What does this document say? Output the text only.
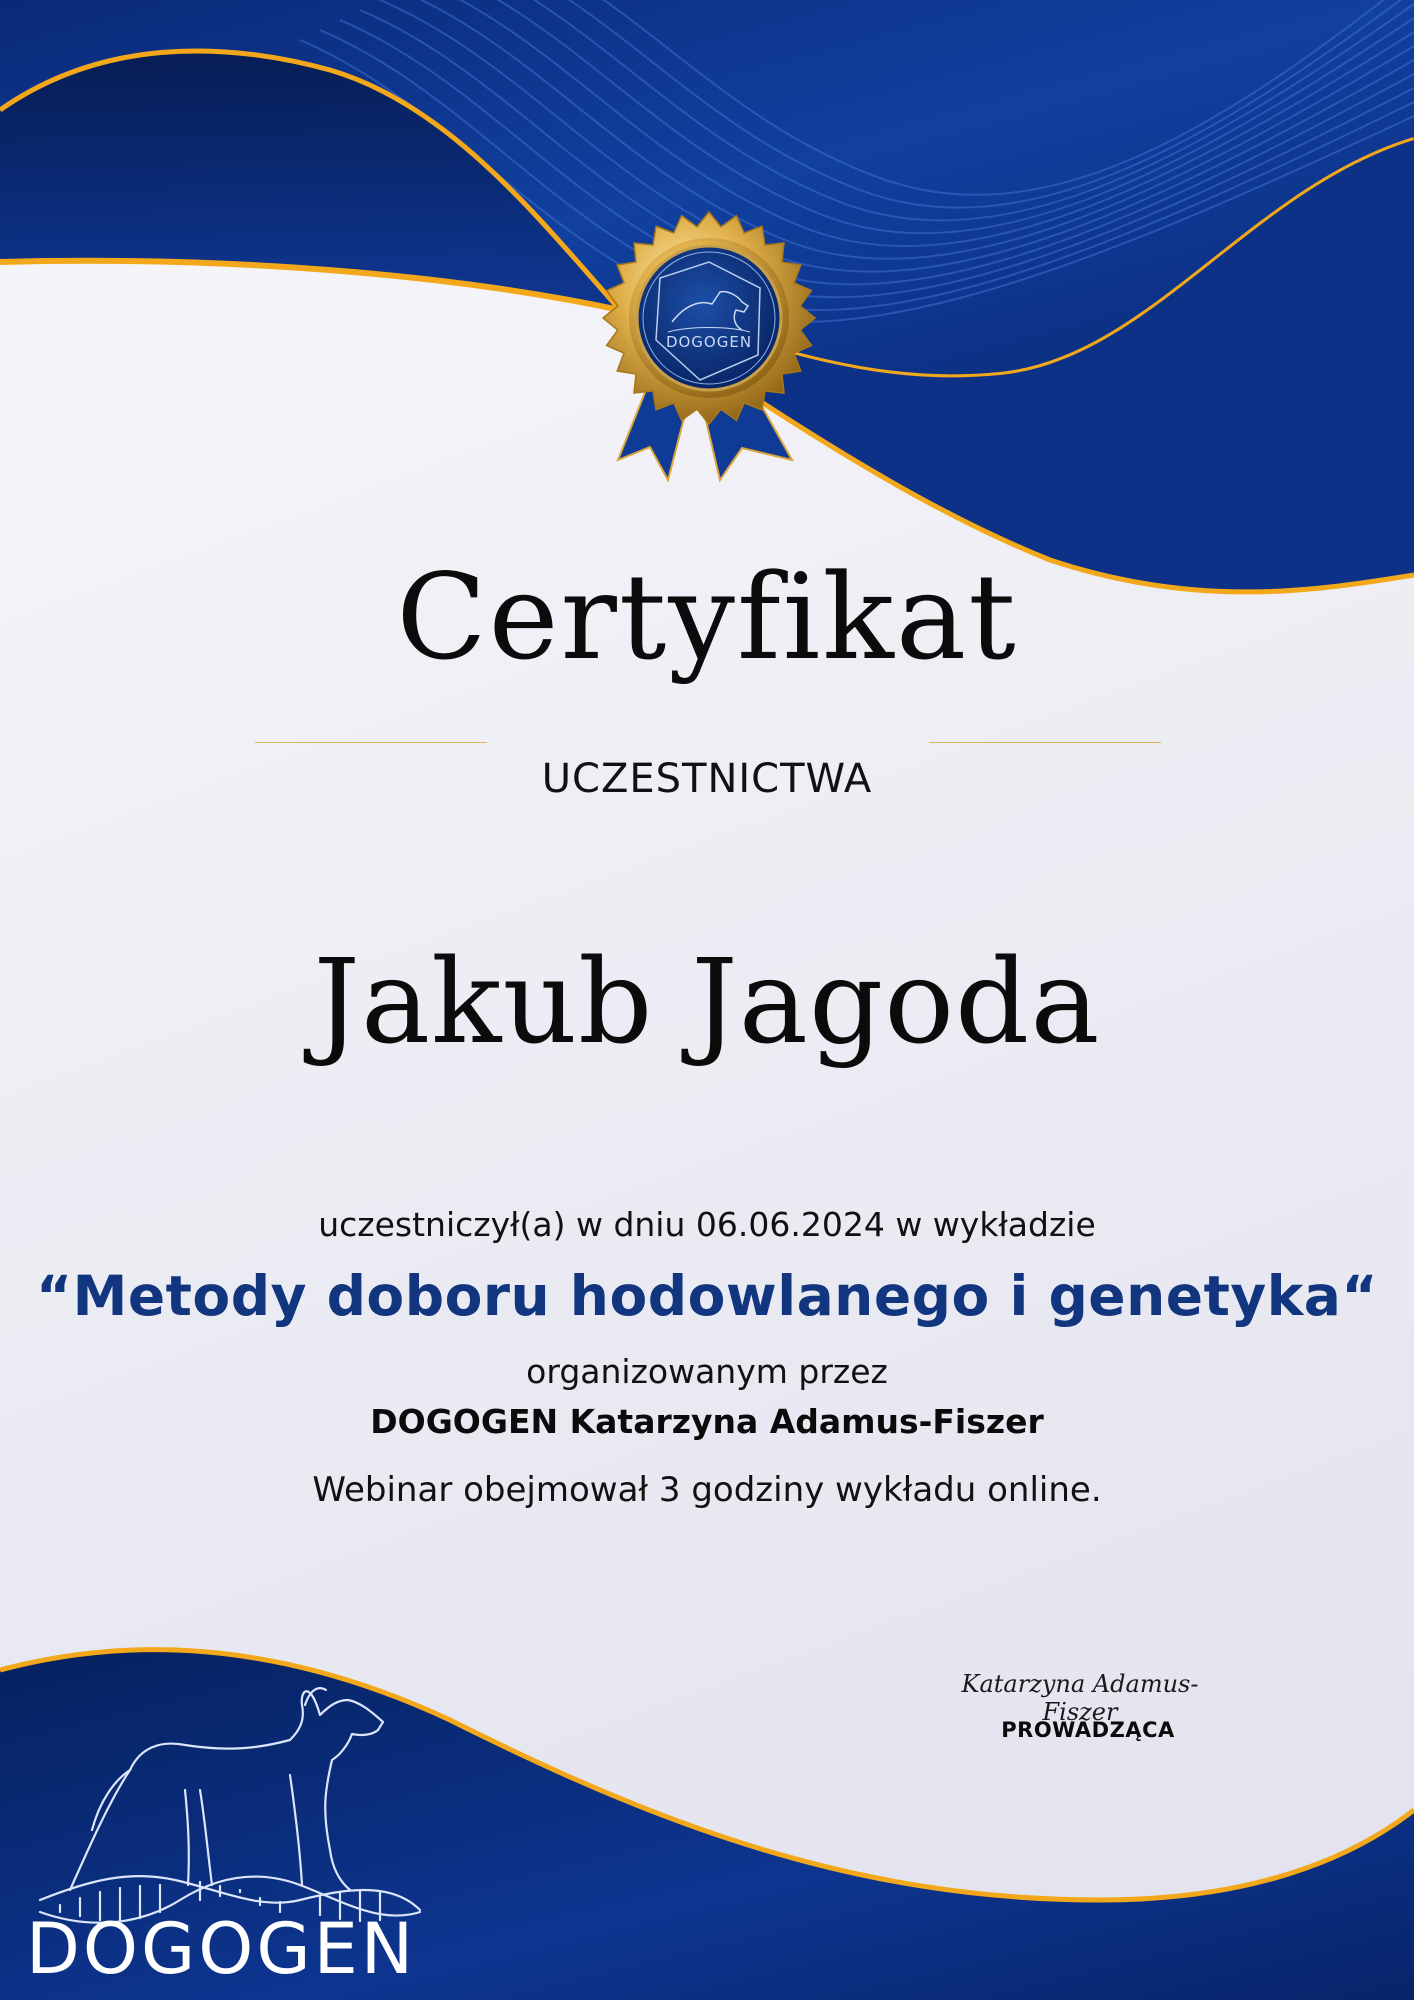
DOGOGEN
Certyfikat
UCZESTNICTWA
Jakub Jagoda
uczestniczył(a) w dniu 06.06.2024 w wykładzie
“Metody doboru hodowlanego i genetyka“
organizowanym przez
DOGOGEN Katarzyna Adamus-Fiszer
Webinar obejmował 3 godziny wykładu online.
Katarzyna Adamus-Fiszer
PROWADZĄCA
DOGOGEN
